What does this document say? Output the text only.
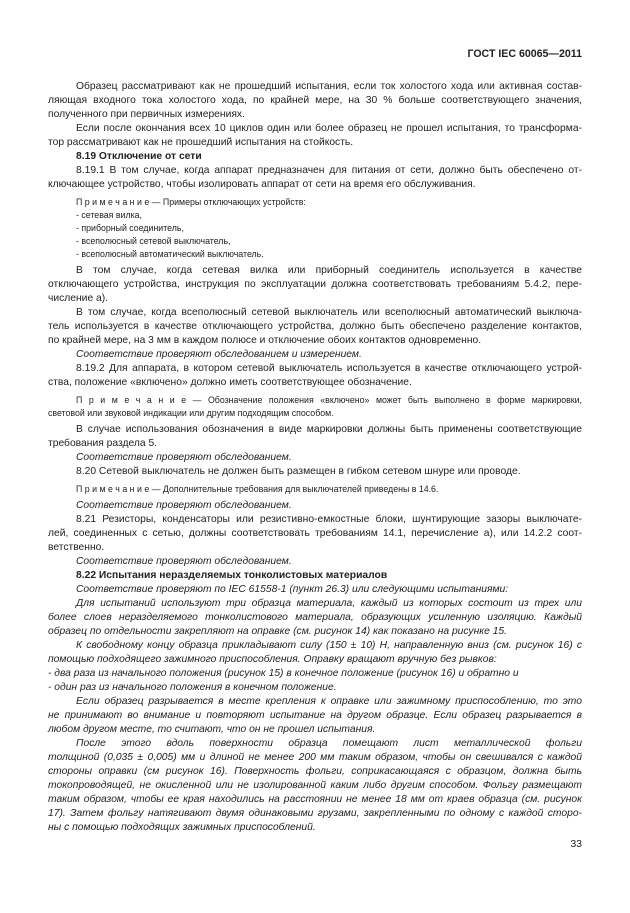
ГОСТ IEC 60065—2011
Образец рассматривают как не прошедший испытания, если ток холостого хода или активная состав-
ляющая входного тока холостого хода, по крайней мере, на 30 % больше соответствующего значения,
полученного при первичных измерениях.
Если после окончания всех 10 циклов один или более образец не прошел испытания, то трансформа-
тор рассматривают как не прошедший испытания на стойкость.
8.19 Отключение от сети
8.19.1 В том случае, когда аппарат предназначен для питания от сети, должно быть обеспечено от-
ключающее устройство, чтобы изолировать аппарат от сети на время его обслуживания.
П р и м е ч а н и е — Примеры отключающих устройств:
- сетевая вилка,
- приборный соединитель,
- всеполюсный сетевой выключатель,
- всеполюсный автоматический выключатель.
В том случае, когда сетевая вилка или приборный соединитель используется в качестве
отключающего устройства, инструкция по эксплуатации должна соответствовать требованиям 5.4.2, пере-
числение а).
В том случае, когда всеполюсный сетевой выключатель или всеполюсный автоматический выключа-
тель используется в качестве отключающего устройства, должно быть обеспечено разделение контактов,
по крайней мере, на 3 мм в каждом полюсе и отключение обоих контактов одновременно.
Соответствие проверяют обследованием и измерением.
8.19.2 Для аппарата, в котором сетевой выключатель используется в качестве отключающего устрой-
ства, положение «включено» должно иметь соответствующее обозначение.
П р и м е ч а н и е — Обозначение положения «включено» может быть выполнено в форме маркировки,
световой или звуковой индикации или другим подходящим способом.
В случае использования обозначения в виде маркировки должны быть применены соответствующие
требования раздела 5.
Соответствие проверяют обследованием.
8.20 Сетевой выключатель не должен быть размещен в гибком сетевом шнуре или проводе.
П р и м е ч а н и е — Дополнительные требования для выключателей приведены в 14.6.
Соответствие проверяют обследованием.
8.21 Резисторы, конденсаторы или резистивно-емкостные блоки, шунтирующие зазоры выключате-
лей, соединенных с сетью, должны соответствовать требованиям 14.1, перечисление а), или 14.2.2 соот-
ветственно.
Соответствие проверяют обследованием.
8.22 Испытания неразделяемых тонколистовых материалов
Соответствие проверяют по IEC 61558-1 (пункт 26.3) или следующими испытаниями:
Для испытаний используют три образца материала, каждый из которых состоит из трех или
более слоев неразделяемого тонколистового материала, образующих усиленную изоляцию. Каждый
образец по отдельности закрепляют на оправке (см. рисунок 14) как показано на рисунке 15.
К свободному концу образца прикладывают силу (150 ± 10) Н, направленную вниз (см. рисунок 16) с
помощью подходящего зажимного приспособления. Оправку вращают вручную без рывков:
- два раза из начального положения (рисунок 15) в конечное положение (рисунок 16) и обратно и
- один раз из начального положения в конечном положение.
Если образец разрывается в месте крепления к оправке или зажимному приспособлению, то это
не принимают во внимание и повторяют испытание на другом образце. Если образец разрывается в
любом другом месте, то считают, что он не прошел испытания.
После этого вдоль поверхности образца помещают лист металлической фольги
толщиной (0,035 ± 0,005) мм и длиной не менее 200 мм таким образом, чтобы он свешивался с каждой
стороны оправки (см рисунок 16). Поверхность фольги, соприкасающаяся с образцом, должна быть
токопроводящей, не окисленной или не изолированной каким либо другим способом. Фольгу размещают
таким образом, чтобы ее края находились на расстоянии не менее 18 мм от краев образца (см. рисунок
17). Затем фольгу натягивают двумя одинаковыми грузами, закрепленными по одному с каждой сторо-
ны с помощью подходящих зажимных приспособлений.
33
